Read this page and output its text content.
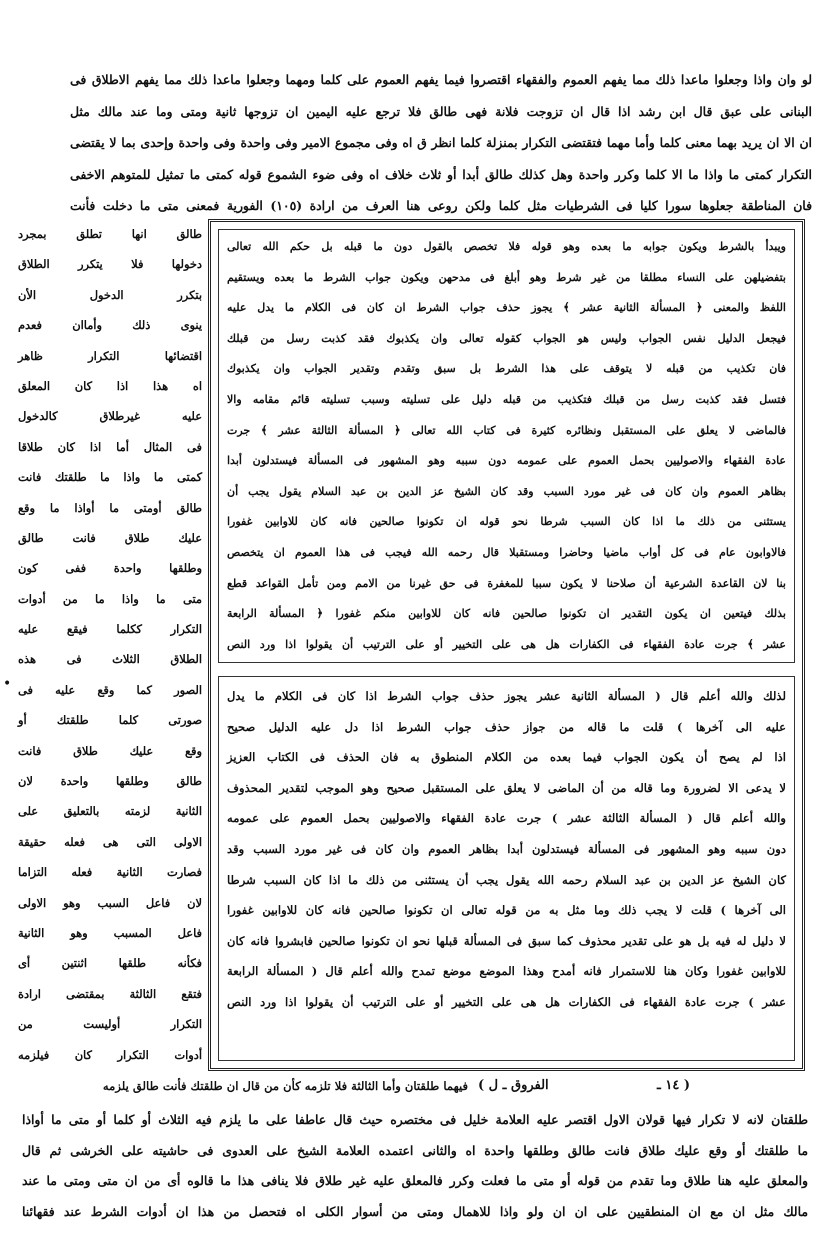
لو وان واذا وجعلوا ماعدا ذلك مما يفهم العموم والفقهاء اقتصروا فيما يفهم العموم على كلما ومهما وجعلوا ماعدا ذلك مما يفهم الاطلاق فى
البنانى على عبق قال ابن رشد اذا قال ان تزوجت فلانة فهى طالق فلا ترجع عليه اليمين ان تزوجها ثانية ومتى وما عند مالك مثل
ان الا ان يريد بهما معنى كلما وأما مهما فتقتضى التكرار بمنزلة كلما انظر ق اه وفى مجموع الامير وفى واحدة وفى واحدة وإحدى بما لا يقتضى
التكرار كمتى ما واذا ما الا كلما وكرر واحدة وهل كذلك طالق أبدا أو ثلاث خلاف اه وفى ضوء الشموع قوله كمتى ما تمثيل للمتوهم الاخفى
فان المناطقة جعلوها سورا كليا فى الشرطيات مثل كلما ولكن روعى هنا العرف من ارادة (١٠٥) الفورية فمعنى متى ما دخلت فأنت
طالق انها تطلق بمجرد
دخولها فلا يتكرر الطلاق
بتكرر الدخول الأن
ينوى ذلك وأماان فعدم
اقتضائها التكرار ظاهر
اه هذا اذا كان المعلق
عليه غيرطلاق كالدخول
فى المثال أما اذا كان طلاقا
كمتى ما واذا ما طلقتك فانت
طالق أومتى ما أواذا ما وقع
عليك طلاق فانت طالق
وطلقها واحدة ففى كون
متى ما واذا ما من أدوات
التكرار ككلما فيقع عليه
الطلاق الثلاث فى هذه
الصور كما وقع عليه فى
صورتى كلما طلقتك أو
وقع عليك طلاق فانت
طالق وطلقها واحدة لان
الثانية لزمته بالتعليق على
الاولى التى هى فعله حقيقة
فصارت الثانية فعله التزاما
لان فاعل السبب وهو الاولى
فاعل المسبب وهو الثانية
فكأنه طلقها اثنتين أى
فتقع الثالثة بمقتضى ارادة
التكرار أوليست من
أدوات التكرار كان فيلزمه
ويبدأ بالشرط ويكون جوابه ما بعده وهو قوله فلا تخصص بالقول دون ما قبله بل حكم الله تعالى
بتفضيلهن على النساء مطلقا من غير شرط وهو أبلغ فى مدحهن ويكون جواب الشرط ما بعده ويستقيم
اللفظ والمعنى ﴿ المسألة الثانية عشر ﴾ يجوز حذف جواب الشرط ان كان فى الكلام ما يدل عليه
فيجعل الدليل نفس الجواب وليس هو الجواب كقوله تعالى وان يكذبوك فقد كذبت رسل من قبلك
فان تكذيب من قبله لا يتوقف على هذا الشرط بل سبق وتقدم وتقدير الجواب وان يكذبوك
فتسل فقد كذبت رسل من قبلك فتكذيب من قبله دليل على تسليته وسبب تسليته قائم مقامه والا
فالماضى لا يعلق على المستقبل ونظائره كثيرة فى كتاب الله تعالى ﴿ المسألة الثالثة عشر ﴾ جرت
عادة الفقهاء والاصوليين بحمل العموم على عمومه دون سببه وهو المشهور فى المسألة فيستدلون أبدا
بظاهر العموم وان كان فى غير مورد السبب وقد كان الشيخ عز الدين بن عبد السلام يقول يجب أن
يستثنى من ذلك ما اذا كان السبب شرطا نحو قوله ان تكونوا صالحين فانه كان للاوابين غفورا
فالاوابون عام فى كل أواب ماضيا وحاضرا ومستقبلا قال رحمه الله فيجب فى هذا العموم ان يتخصص
بنا لان القاعدة الشرعية أن صلاحنا لا يكون سببا للمغفرة فى حق غيرنا من الامم ومن تأمل القواعد قطع
بذلك فيتعين ان يكون التقدير ان تكونوا صالحين فانه كان للاوابين منكم غفورا ﴿ المسألة الرابعة
عشر ﴾ جرت عادة الفقهاء فى الكفارات هل هى على التخيير أو على الترتيب أن يقولوا اذا ورد النص
لذلك والله أعلم قال ( المسألة الثانية عشر يجوز حذف جواب الشرط اذا كان فى الكلام ما يدل
عليه الى آخرها ) قلت ما قاله من جواز حذف جواب الشرط اذا دل عليه الدليل صحيح
اذا لم يصح أن يكون الجواب فيما بعده من الكلام المنطوق به فان الحذف فى الكتاب العزيز
لا يدعى الا لضرورة وما قاله من أن الماضى لا يعلق على المستقبل صحيح وهو الموجب لتقدير المحذوف
والله أعلم قال ( المسألة الثالثة عشر ) جرت عادة الفقهاء والاصوليين بحمل العموم على عمومه
دون سببه وهو المشهور فى المسألة فيستدلون أبدا بظاهر العموم وان كان فى غير مورد السبب وقد
كان الشيخ عز الدين بن عبد السلام رحمه الله يقول يجب أن يستثنى من ذلك ما اذا كان السبب شرطا
الى آخرها ) قلت لا يجب ذلك وما مثل به من قوله تعالى ان تكونوا صالحين فانه كان للاوابين غفورا
لا دليل له فيه بل هو على تقدير محذوف كما سبق فى المسألة قبلها نحو ان تكونوا صالحين فابشروا فانه كان
للاوابين غفورا وكان هنا للاستمرار فانه أمدح وهذا الموضع موضع تمدح والله أعلم قال ( المسألة الرابعة
عشر ) جرت عادة الفقهاء فى الكفارات هل هى على التخيير أو على الترتيب أن يقولوا اذا ورد النص
( ١٤ ـ
الفروق ـ ل )
فيهما طلقتان وأما الثالثة فلا تلزمه كأن من قال ان طلقتك فأنت طالق يلزمه
طلقتان لانه لا تكرار فيها قولان الاول اقتصر عليه العلامة خليل فى مختصره حيث قال عاطفا على ما يلزم فيه الثلاث أو كلما أو متى ما أواذا
ما طلقتك أو وقع عليك طلاق فانت طالق وطلقها واحدة اه والثانى اعتمده العلامة الشيخ على العدوى فى حاشيته على الخرشى ثم قال
والمعلق عليه هنا طلاق وما تقدم من قوله أو متى ما فعلت وكرر فالمعلق عليه غير طلاق فلا ينافى هذا ما قالوه أى من ان متى ومتى ما عند
مالك مثل ان مع ان المنطقيين على ان ان ولو واذا للاهمال ومتى من أسوار الكلى اه فتحصل من هذا ان أدوات الشرط عند فقهائنا
•
